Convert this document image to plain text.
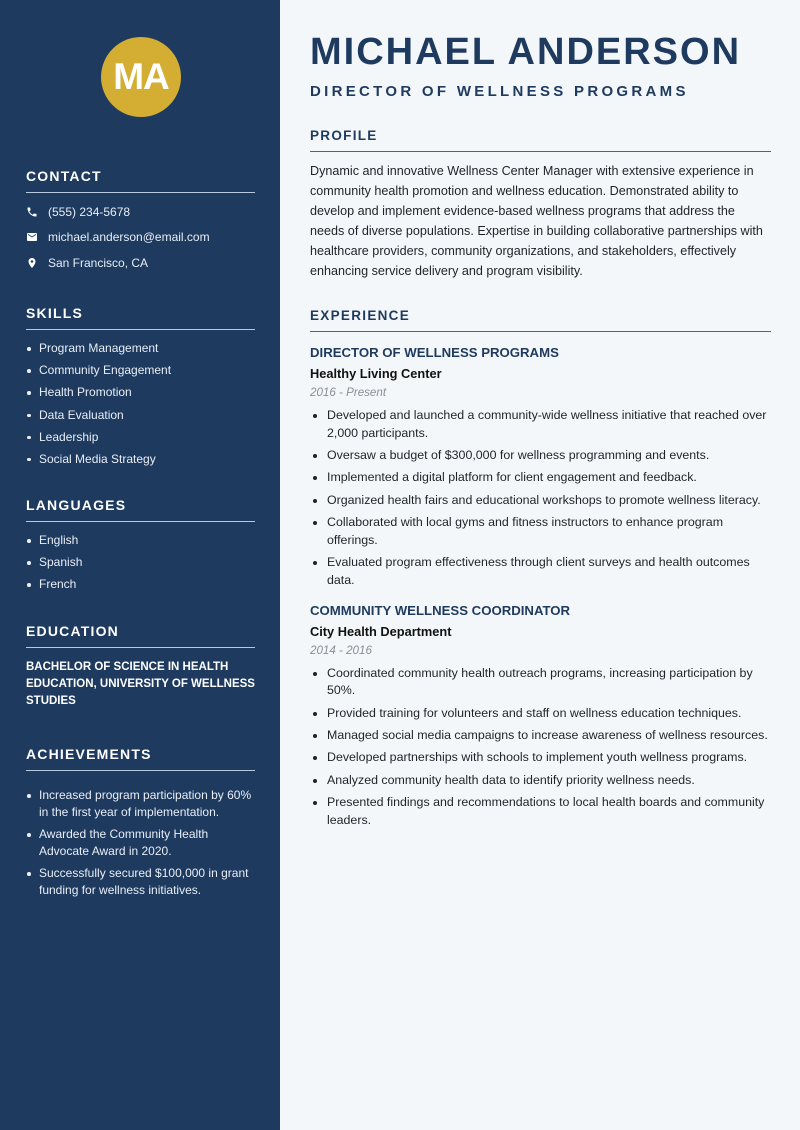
MA
CONTACT
(555) 234-5678
michael.anderson@email.com
San Francisco, CA
SKILLS
Program Management
Community Engagement
Health Promotion
Data Evaluation
Leadership
Social Media Strategy
LANGUAGES
English
Spanish
French
EDUCATION

BACHELOR OF SCIENCE IN HEALTH EDUCATION, UNIVERSITY OF WELLNESS STUDIES

ACHIEVEMENTS
Increased program participation by 60% in the first year of implementation.
Awarded the Community Health Advocate Award in 2020.
Successfully secured $100,000 in grant funding for wellness initiatives.
MICHAEL ANDERSON
DIRECTOR OF WELLNESS PROGRAMS
PROFILE

Dynamic and innovative Wellness Center Manager with extensive experience in community health promotion and wellness education. Demonstrated ability to develop and implement evidence-based wellness programs that address the needs of diverse populations. Expertise in building collaborative partnerships with healthcare providers, community organizations, and stakeholders, effectively enhancing service delivery and program visibility.

EXPERIENCE
DIRECTOR OF WELLNESS PROGRAMS
Healthy Living Center
2016 - Present
Developed and launched a community-wide wellness initiative that reached over 2,000 participants.
Oversaw a budget of $300,000 for wellness programming and events.
Implemented a digital platform for client engagement and feedback.
Organized health fairs and educational workshops to promote wellness literacy.
Collaborated with local gyms and fitness instructors to enhance program offerings.
Evaluated program effectiveness through client surveys and health outcomes data.
COMMUNITY WELLNESS COORDINATOR
City Health Department
2014 - 2016
Coordinated community health outreach programs, increasing participation by 50%.
Provided training for volunteers and staff on wellness education techniques.
Managed social media campaigns to increase awareness of wellness resources.
Developed partnerships with schools to implement youth wellness programs.
Analyzed community health data to identify priority wellness needs.
Presented findings and recommendations to local health boards and community leaders.
